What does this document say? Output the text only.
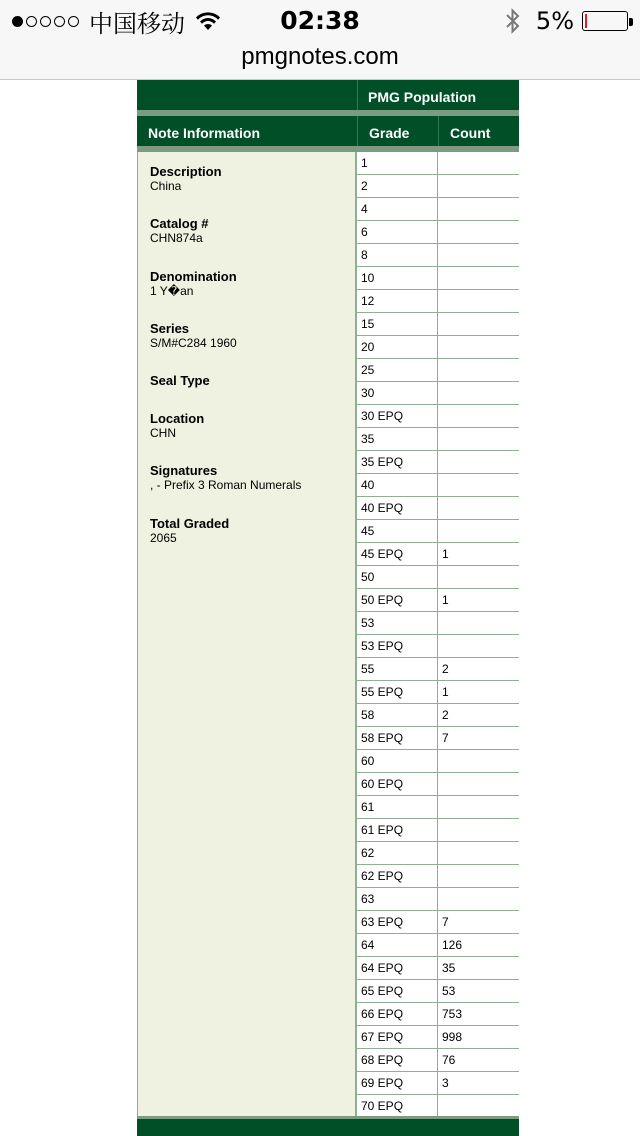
中国移动	02:38	5%
pmgnotes.com
PMG Population
Note Information	Grade	Count
Description
China
Catalog #
CHN874a
Denomination
1 Y�an
Series
S/M#C284 1960
Seal Type
Location
CHN
Signatures
, - Prefix 3 Roman Numerals
Total Graded
2065
1
2
4
6
8
10
12
15
20
25
30
30 EPQ
35
35 EPQ
40
40 EPQ
45
45 EPQ	1
50
50 EPQ	1
53
53 EPQ
55	2
55 EPQ	1
58	2
58 EPQ	7
60
60 EPQ
61
61 EPQ
62
62 EPQ
63
63 EPQ	7
64	126
64 EPQ	35
65 EPQ	53
66 EPQ	753
67 EPQ	998
68 EPQ	76
69 EPQ	3
70 EPQ
